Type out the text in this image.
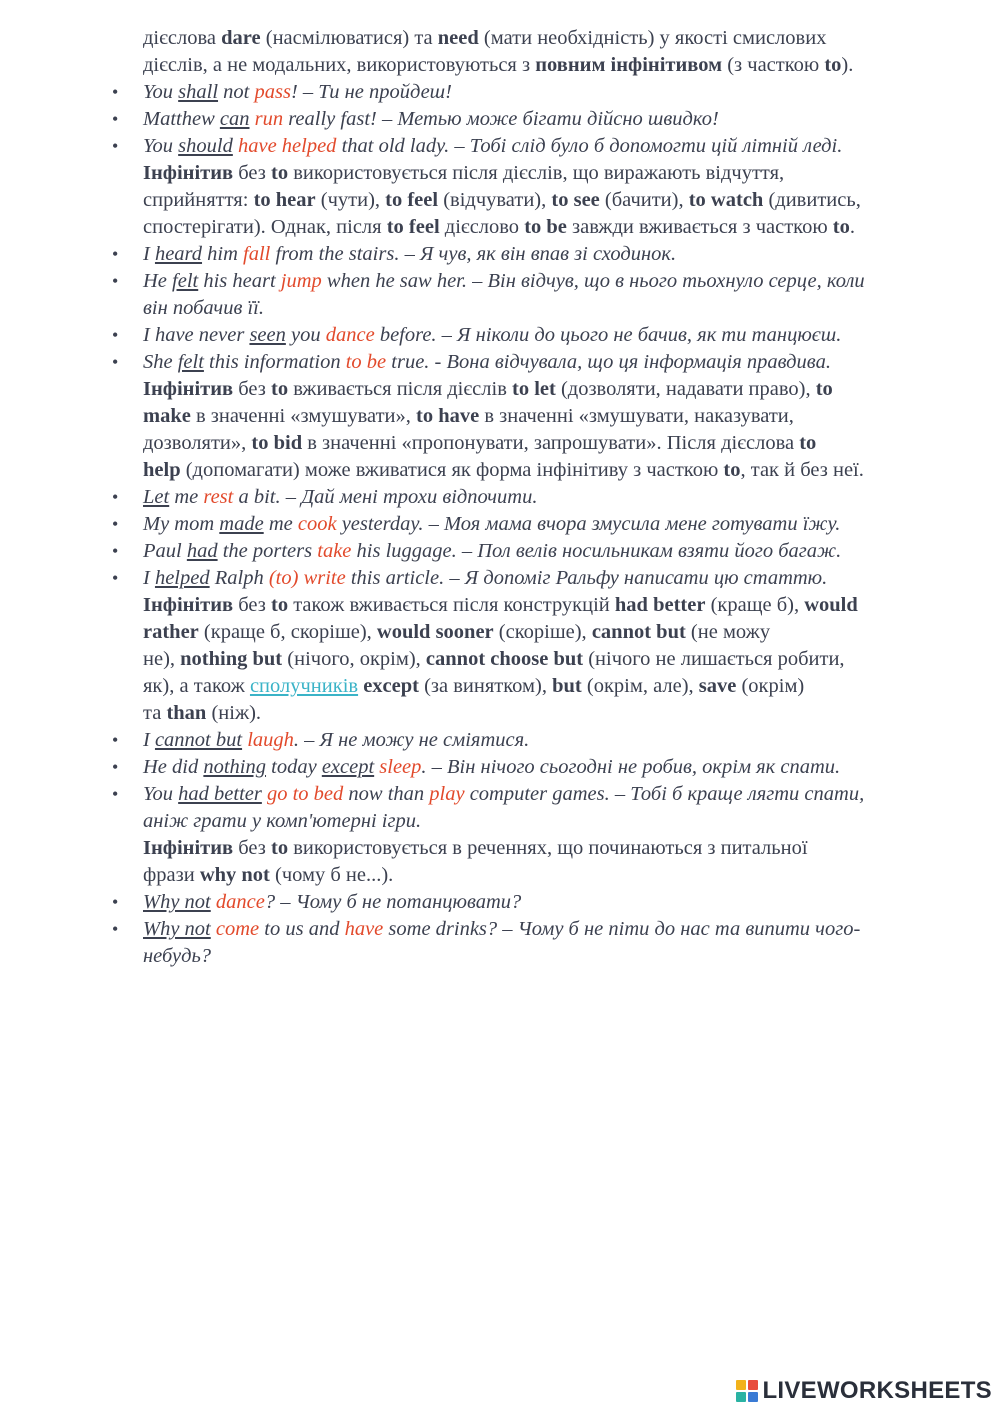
дієслова dare (насмілюватися) та need (мати необхідність) у якості смислових
дієслів, а не модальних, використовуються з повним інфінітивом (з часткою to).
You shall not pass! – Ти не пройдеш!
•
Matthew can run really fast! – Метью може бігати дійсно швидко!
•
You should have helped that old lady. – Тобі слід було б допомогти цій літній леді.
•
Інфінітив без to використовується після дієслів, що виражають відчуття,
сприйняття: to hear (чути), to feel (відчувати), to see (бачити), to watch (дивитись,
спостерігати). Однак, після to feel дієслово to be завжди вживається з часткою to.
I heard him fall from the stairs. – Я чув, як він впав зі сходинок.
•
He felt his heart jump when he saw her. – Він відчув, що в нього тьохнуло серце, коли
•
він побачив її.
I have never seen you dance before. – Я ніколи до цього не бачив, як ти танцюєш.
•
She felt this information to be true. - Вона відчувала, що ця інформація правдива.
•
Інфінітив без to вживається після дієслів to let (дозволяти, надавати право), to
make в значенні «змушувати», to have в значенні «змушувати, наказувати,
дозволяти», to bid в значенні «пропонувати, запрошувати». Після дієслова to
help (допомагати) може вживатися як форма інфінітиву з часткою to, так й без неї.
Let me rest a bit. – Дай мені трохи відпочити.
•
My mom made me cook yesterday. – Моя мама вчора змусила мене готувати їжу.
•
Paul had the porters take his luggage. – Пол велів носильникам взяти його багаж.
•
I helped Ralph (to) write this article. – Я допоміг Ральфу написати цю статтю.
•
Інфінітив без to також вживається після конструкцій had better (краще б), would
rather (краще б, скоріше), would sooner (скоріше), cannot but (не можу
не), nothing but (нічого, окрім), cannot choose but (нічого не лишається робити,
як), а також сполучників except (за винятком), but (окрім, але), save (окрім)
та than (ніж).
I cannot but laugh. – Я не можу не сміятися.
•
He did nothing today except sleep. – Він нічого сьогодні не робив, окрім як спати.
•
You had better go to bed now than play computer games. – Тобі б краще лягти спати,
•
аніж грати у комп'ютерні ігри.
Інфінітив без to використовується в реченнях, що починаються з питальної
фрази why not (чому б не...).
Why not dance? – Чому б не потанцювати?
•
Why not come to us and have some drinks? – Чому б не піти до нас та випити чого-
•
небудь?
LIVEWORKSHEETS
